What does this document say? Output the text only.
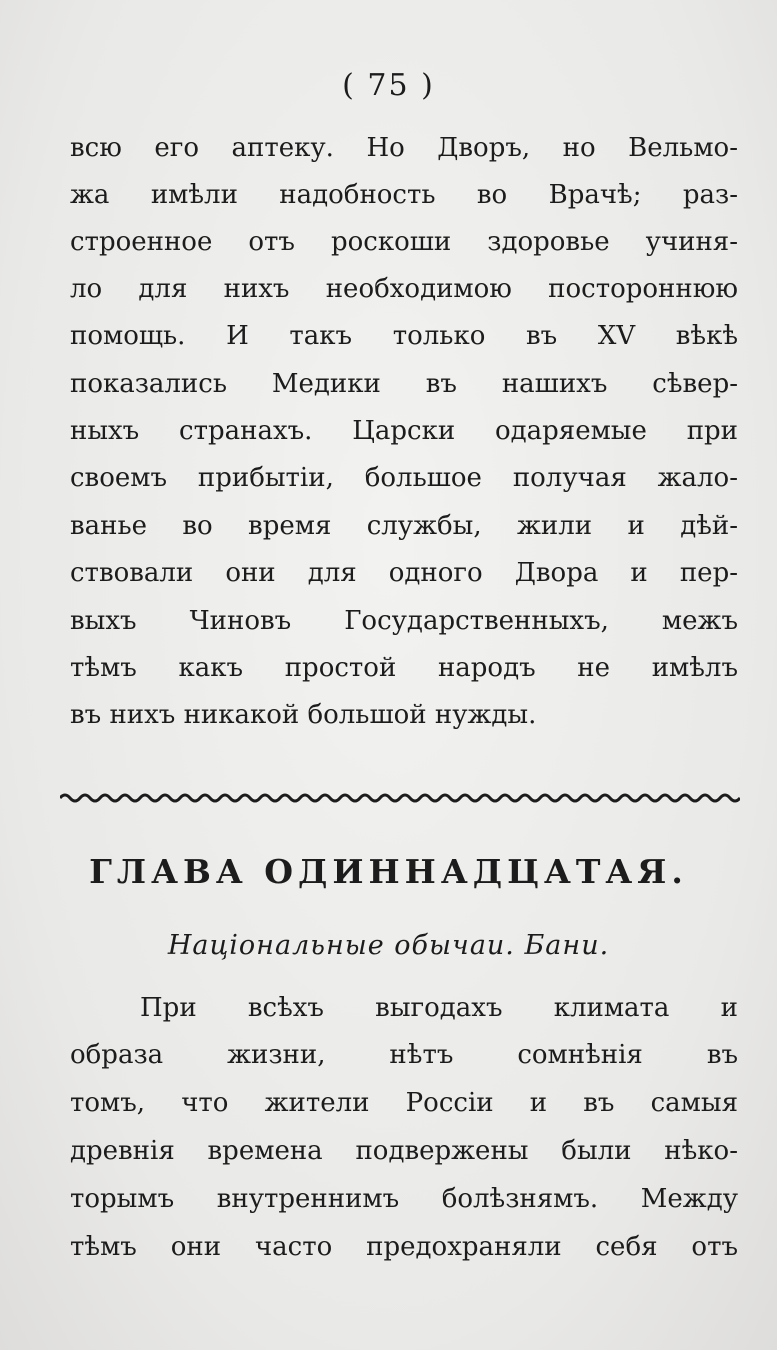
( 75 )

всю его аптеку. Но Дворъ, но Вельмо-

жа имѣли надобность во Врачѣ; раз-

строенное отъ роскоши здоровье учиня-

ло для нихъ необходимою постороннюю

помощь. И такъ только въ XV вѣкѣ

показались Медики въ нашихъ сѣвер-

ныхъ странахъ. Царски одаряемые при

своемъ прибытіи, большое получая жало-

ванье во время службы, жили и дѣй-

ствовали они для одного Двора и пер-

выхъ Чиновъ Государственныхъ, межъ

тѣмъ какъ простой народъ не имѣлъ

въ нихъ никакой большой нужды.

ГЛАВА ОДИННАДЦАТАЯ.
Національные обычаи. Бани.

При всѣхъ выгодахъ климата и

образа жизни, нѣтъ сомнѣнія въ

томъ, что жители Россіи и въ самыя

древнія времена подвержены были нѣко-

торымъ внутреннимъ болѣзнямъ. Между

тѣмъ они часто предохраняли себя отъ
